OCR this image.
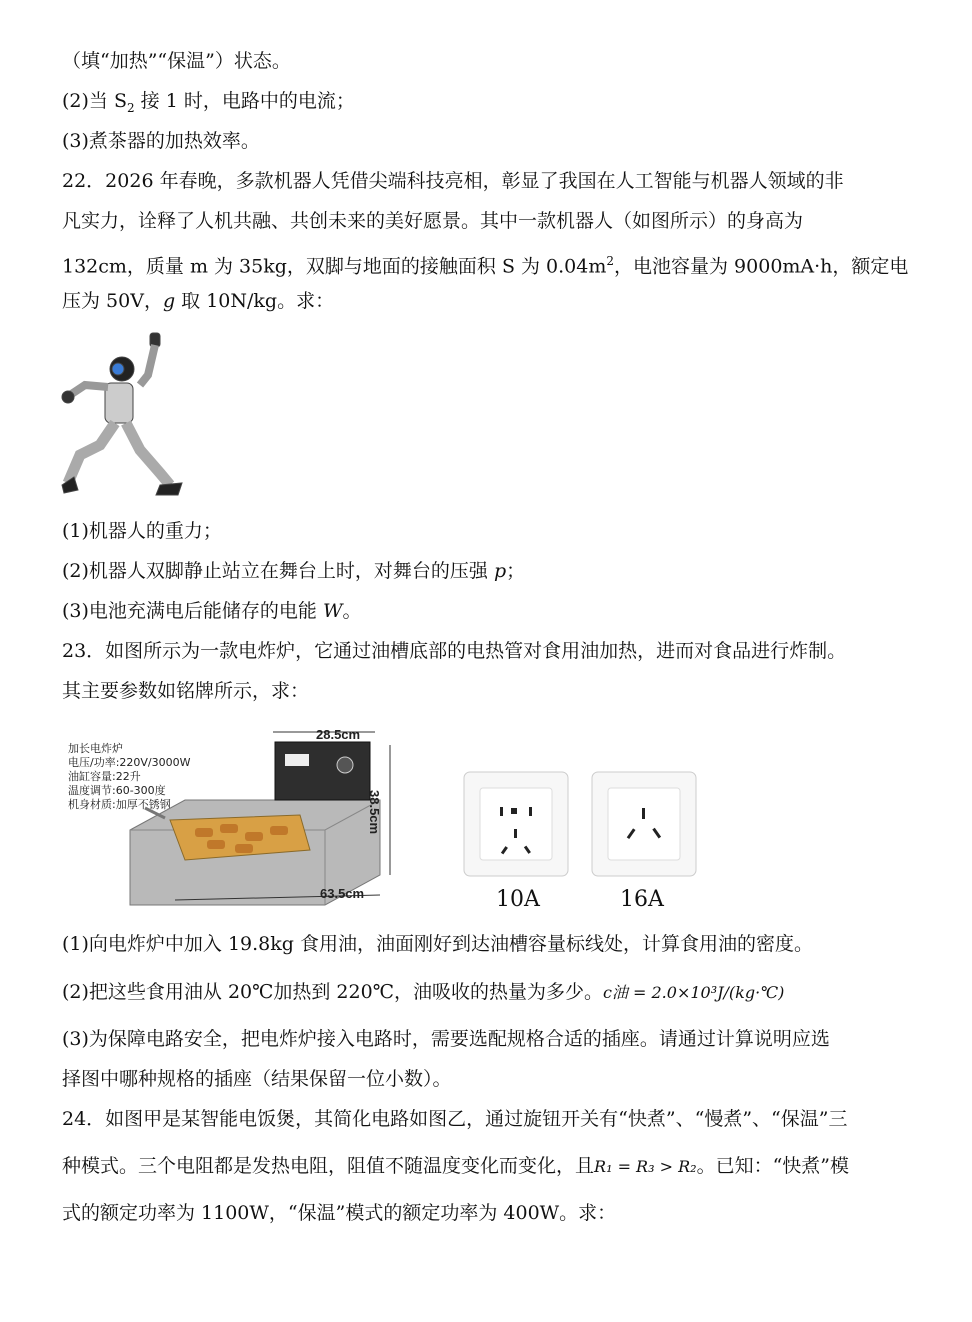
（填“加热”“保温”）状态。
(2)当 $S_2$ 接 1 时，电路中的电流；
(3)煮茶器的加热效率。
22．2026 年春晚，多款机器人凭借尖端科技亮相，彰显了我国在人工智能与机器人领域的非
凡实力，诠释了人机共融、共创未来的美好愿景。其中一款机器人（如图所示）的身高为
132cm，质量 m 为 35kg，双脚与地面的接触面积 S 为 $0.04m^2$，电池容量为 9000mA·h，额定电
压为 50V，g 取 10N/kg。求：
(1)机器人的重力；
(2)机器人双脚静止站立在舞台上时，对舞台的压强 p；
(3)电池充满电后能储存的电能 W。
23．如图所示为一款电炸炉，它通过油槽底部的电热管对食用油加热，进而对食品进行炸制。
其主要参数如铭牌所示，求：
加长电炸炉
电压/功率:220V/3000W
油缸容量:22升
温度调节:60-300度
机身材质:加厚不锈钢
28.5cm
38.5cm
63.5cm	10A	16A
(1)向电炸炉中加入 19.8kg 食用油，油面刚好到达油槽容量标线处，计算食用油的密度。
(2)把这些食用油从 20℃加热到 220℃，油吸收的热量为多少。c油 = 2.0×10³J/(kg·℃)
(3)为保障电路安全，把电炸炉接入电路时，需要选配规格合适的插座。请通过计算说明应选
择图中哪种规格的插座（结果保留一位小数）。
24．如图甲是某智能电饭煲，其简化电路如图乙，通过旋钮开关有“快煮”、“慢煮”、“保温”三
种模式。三个电阻都是发热电阻，阻值不随温度变化而变化，且R₁ = R₃ > R₂。已知：“快煮”模
式的额定功率为 1100W，“保温”模式的额定功率为 400W。求：
